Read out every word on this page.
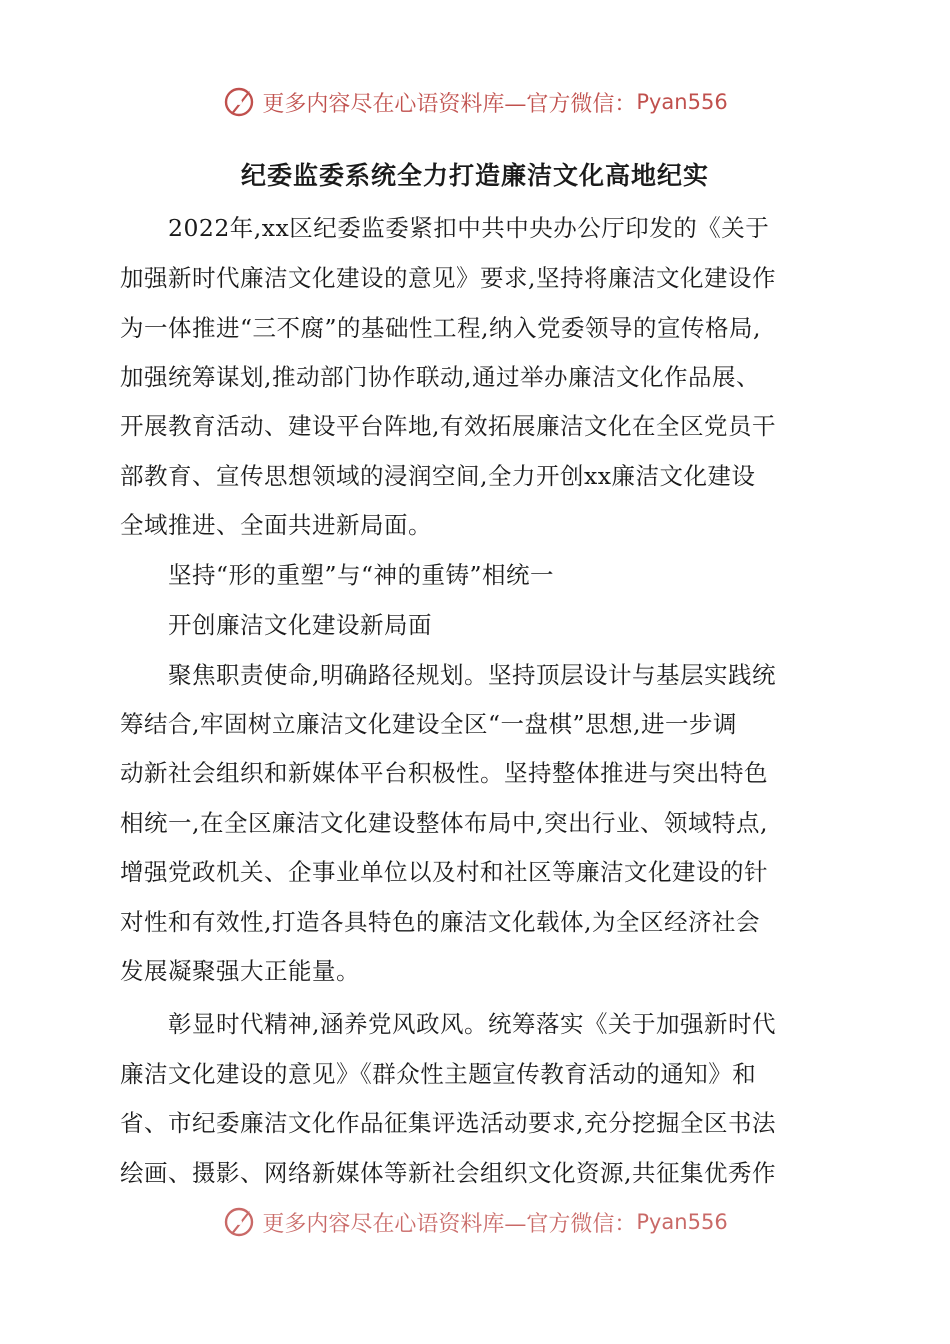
更多内容尽在心语资料库—官方微信： Pyan556
纪委监委系统全力打造廉洁文化高地纪实
2022年,xx区纪委监委紧扣中共中央办公厅印发的《关于
加强新时代廉洁文化建设的意见》要求,坚持将廉洁文化建设作
为一体推进“三不腐”的基础性工程,纳入党委领导的宣传格局,
加强统筹谋划,推动部门协作联动,通过举办廉洁文化作品展、
开展教育活动、建设平台阵地,有效拓展廉洁文化在全区党员干
部教育、宣传思想领域的浸润空间,全力开创xx廉洁文化建设
全域推进、全面共进新局面。
坚持“形的重塑”与“神的重铸”相统一
开创廉洁文化建设新局面
聚焦职责使命,明确路径规划。坚持顶层设计与基层实践统
筹结合,牢固树立廉洁文化建设全区“一盘棋”思想,进一步调
动新社会组织和新媒体平台积极性。坚持整体推进与突出特色
相统一,在全区廉洁文化建设整体布局中,突出行业、领域特点,
增强党政机关、企事业单位以及村和社区等廉洁文化建设的针
对性和有效性,打造各具特色的廉洁文化载体,为全区经济社会
发展凝聚强大正能量。
彰显时代精神,涵养党风政风。统筹落实《关于加强新时代
廉洁文化建设的意见》《群众性主题宣传教育活动的通知》和
省、市纪委廉洁文化作品征集评选活动要求,充分挖掘全区书法
绘画、摄影、网络新媒体等新社会组织文化资源,共征集优秀作
更多内容尽在心语资料库—官方微信： Pyan556
